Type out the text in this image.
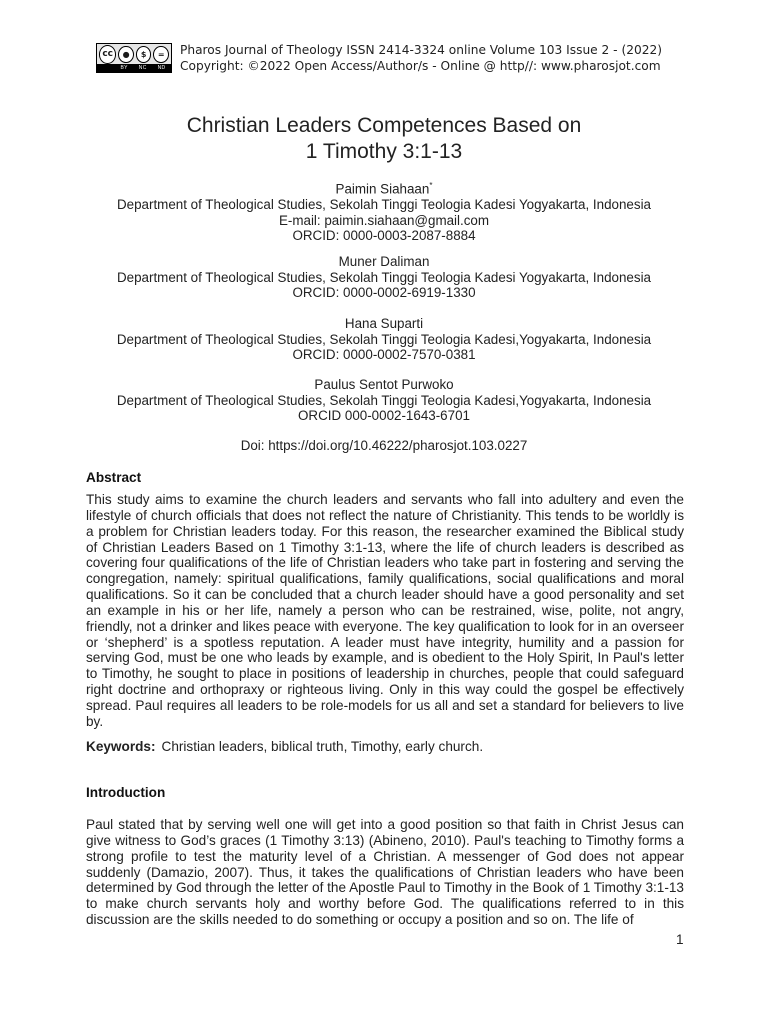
cc	●	$	=
BY NC ND
Pharos Journal of Theology ISSN 2414-3324 online Volume 103 Issue 2 - (2022)
Copyright: ©2022 Open Access/Author/s - Online @ http//: www.pharosjot.com
Christian Leaders Competences Based on
1 Timothy 3:1-13
Paimin Siahaan*
Department of Theological Studies, Sekolah Tinggi Teologia Kadesi Yogyakarta, Indonesia
E-mail: paimin.siahaan@gmail.com
ORCID: 0000-0003-2087-8884
Muner Daliman
Department of Theological Studies, Sekolah Tinggi Teologia Kadesi Yogyakarta, Indonesia
ORCID: 0000-0002-6919-1330
Hana Suparti
Department of Theological Studies, Sekolah Tinggi Teologia Kadesi,Yogyakarta, Indonesia
ORCID: 0000-0002-7570-0381
Paulus Sentot Purwoko
Department of Theological Studies, Sekolah Tinggi Teologia Kadesi,Yogyakarta, Indonesia
ORCID 000-0002-1643-6701
Doi: https://doi.org/10.46222/pharosjot.103.0227
Abstract
This study aims to examine the church leaders and servants who fall into adultery and even the lifestyle of church officials that does not reflect the nature of Christianity. This tends to be worldly is a problem for Christian leaders today. For this reason, the researcher examined the Biblical study of Christian Leaders Based on 1 Timothy 3:1-13, where the life of church leaders is described as covering four qualifications of the life of Christian leaders who take part in fostering and serving the congregation, namely: spiritual qualifications, family qualifications, social qualifications and moral qualifications. So it can be concluded that a church leader should have a good personality and set an example in his or her life, namely a person who can be restrained, wise, polite, not angry, friendly, not a drinker and likes peace with everyone. The key qualification to look for in an overseer or ‘shepherd’ is a spotless reputation. A leader must have integrity, humility and a passion for serving God, must be one who leads by example, and is obedient to the Holy Spirit, In Paul's letter to Timothy, he sought to place in positions of leadership in churches, people that could safeguard right doctrine and orthopraxy or righteous living. Only in this way could the gospel be effectively spread. Paul requires all leaders to be role-models for us all and set a standard for believers to live by.
Keywords: Christian leaders, biblical truth, Timothy, early church.
Introduction
Paul stated that by serving well one will get into a good position so that faith in Christ Jesus can give witness to God’s graces (1 Timothy 3:13) (Abineno, 2010). Paul's teaching to Timothy forms a strong profile to test the maturity level of a Christian. A messenger of God does not appear suddenly (Damazio, 2007). Thus, it takes the qualifications of Christian leaders who have been determined by God through the letter of the Apostle Paul to Timothy in the Book of 1 Timothy 3:1-13 to make church servants holy and worthy before God. The qualifications referred to in this discussion are the skills needed to do something or occupy a position and so on. The life of
1
